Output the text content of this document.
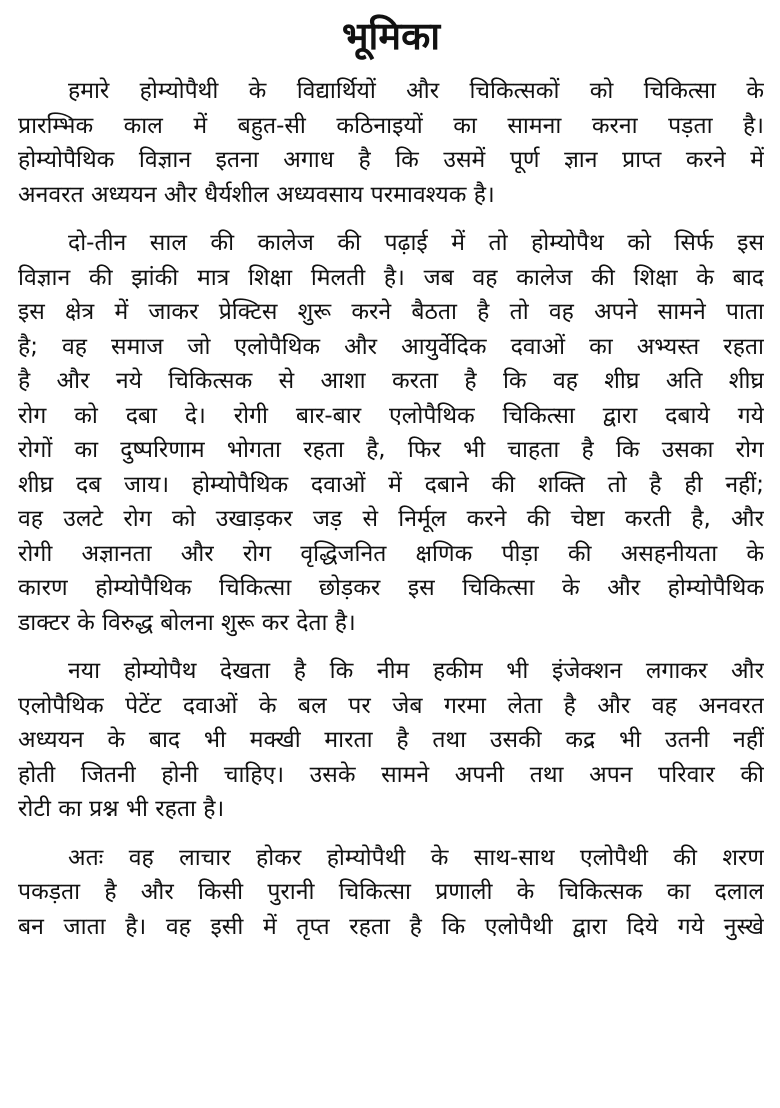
भूमिका
हमारे होम्योपैथी के विद्यार्थियों और चिकित्सकों को चिकित्सा के
प्रारम्भिक काल में बहुत-सी कठिनाइयों का सामना करना पड़ता है।
होम्योपैथिक विज्ञान इतना अगाध है कि उसमें पूर्ण ज्ञान प्राप्त करने में
अनवरत अध्ययन और धैर्यशील अध्यवसाय परमावश्यक है।
दो-तीन साल की कालेज की पढ़ाई में तो होम्योपैथ को सिर्फ इस
विज्ञान की झांकी मात्र शिक्षा मिलती है। जब वह कालेज की शिक्षा के बाद
इस क्षेत्र में जाकर प्रेक्टिस शुरू करने बैठता है तो वह अपने सामने पाता
है; वह समाज जो एलोपैथिक और आयुर्वेदिक दवाओं का अभ्यस्त रहता
है और नये चिकित्सक से आशा करता है कि वह शीघ्र अति शीघ्र
रोग को दबा दे। रोगी बार-बार एलोपैथिक चिकित्सा द्वारा दबाये गये
रोगों का दुष्परिणाम भोगता रहता है, फिर भी चाहता है कि उसका रोग
शीघ्र दब जाय। होम्योपैथिक दवाओं में दबाने की शक्ति तो है ही नहीं;
वह उलटे रोग को उखाड़कर जड़ से निर्मूल करने की चेष्टा करती है, और
रोगी अज्ञानता और रोग वृद्धिजनित क्षणिक पीड़ा की असहनीयता के
कारण होम्योपैथिक चिकित्सा छोड़कर इस चिकित्सा के और होम्योपैथिक
डाक्टर के विरुद्ध बोलना शुरू कर देता है।
नया होम्योपैथ देखता है कि नीम हकीम भी इंजेक्शन लगाकर और
एलोपैथिक पेटेंट दवाओं के बल पर जेब गरमा लेता है और वह अनवरत
अध्ययन के बाद भी मक्खी मारता है तथा उसकी कद्र भी उतनी नहीं
होती जितनी होनी चाहिए। उसके सामने अपनी तथा अपन परिवार की
रोटी का प्रश्न भी रहता है।
अतः वह लाचार होकर होम्योपैथी के साथ-साथ एलोपैथी की शरण
पकड़ता है और किसी पुरानी चिकित्सा प्रणाली के चिकित्सक का दलाल
बन जाता है। वह इसी में तृप्त रहता है कि एलोपैथी द्वारा दिये गये नुस्खे
